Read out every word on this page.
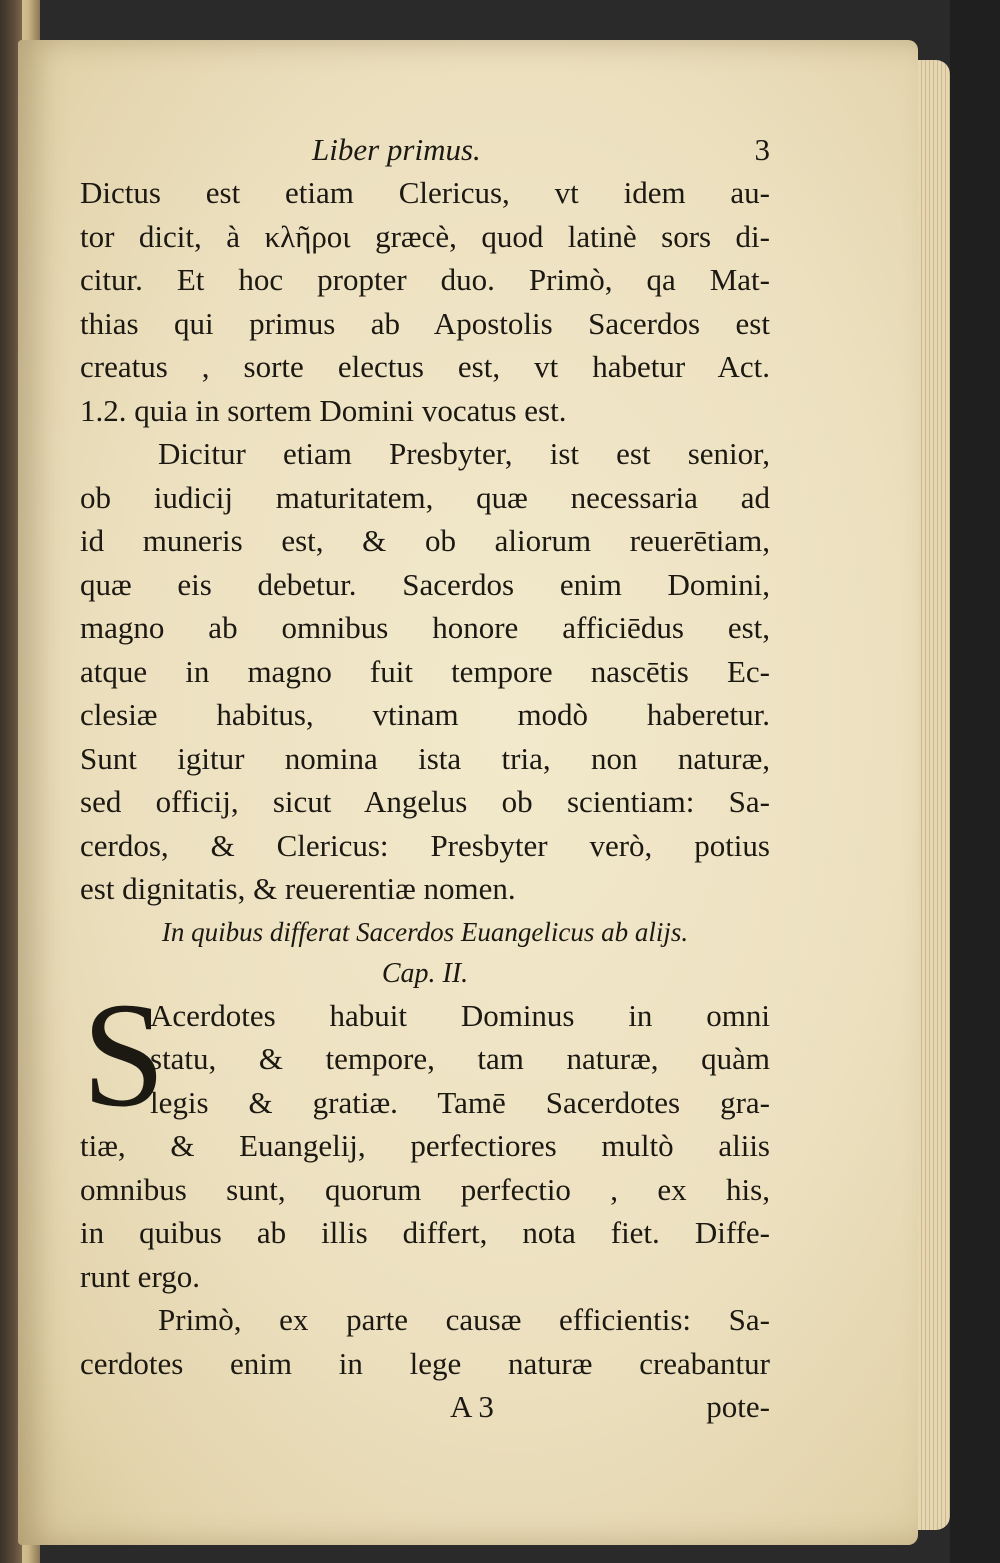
Liber primus.	3
Dictus est etiam Clericus, vt idem au-
tor dicit, à κλῆροι græcè, quod latinè sors di-
citur. Et hoc propter duo. Primò, qa Mat-
thias qui primus ab Apostolis Sacerdos est
creatus , sorte electus est, vt habetur Act.
1.2. quia in sortem Domini vocatus est.
Dicitur etiam Presbyter, ist est senior,
ob iudicij maturitatem, quæ necessaria ad
id muneris est, & ob aliorum reuerētiam,
quæ eis debetur. Sacerdos enim Domini,
magno ab omnibus honore afficiēdus est,
atque in magno fuit tempore nascētis Ec-
clesiæ habitus, vtinam modò haberetur.
Sunt igitur nomina ista tria, non naturæ,
sed officij, sicut Angelus ob scientiam: Sa-
cerdos, & Clericus: Presbyter verò, potius
est dignitatis, & reuerentiæ nomen.
In quibus differat Sacerdos Euangelicus ab alijs.
Cap. II.
S
Acerdotes habuit Dominus in omni
statu, & tempore, tam naturæ, quàm
legis & gratiæ. Tamē Sacerdotes gra-
tiæ, & Euangelij, perfectiores multò aliis
omnibus sunt, quorum perfectio , ex his,
in quibus ab illis differt, nota fiet. Diffe-
runt ergo.
Primò, ex parte causæ efficientis: Sa-
cerdotes enim in lege naturæ creabantur
A 3	pote-
